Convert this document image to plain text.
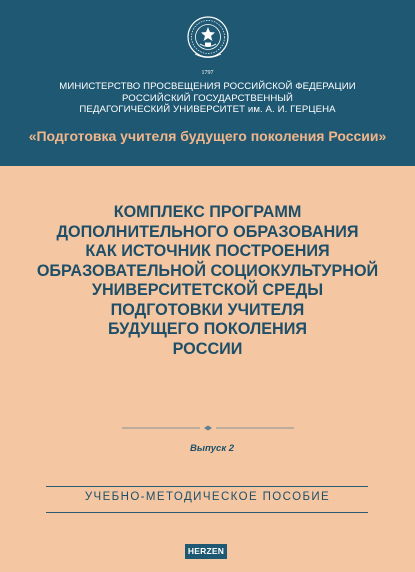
1797
МИНИСТЕРСТВО ПРОСВЕЩЕНИЯ РОССИЙСКОЙ ФЕДЕРАЦИИ
РОССИЙСКИЙ ГОСУДАРСТВЕННЫЙ
ПЕДАГОГИЧЕСКИЙ УНИВЕРСИТЕТ им. А. И. ГЕРЦЕНА
«Подготовка учителя будущего поколения России»
КОМПЛЕКС ПРОГРАММ
ДОПОЛНИТЕЛЬНОГО ОБРАЗОВАНИЯ
КАК ИСТОЧНИК ПОСТРОЕНИЯ
ОБРАЗОВАТЕЛЬНОЙ СОЦИОКУЛЬТУРНОЙ
УНИВЕРСИТЕТСКОЙ СРЕДЫ
ПОДГОТОВКИ УЧИТЕЛЯ
БУДУЩЕГО ПОКОЛЕНИЯ
РОССИИ
Выпуск 2
УЧЕБНО-МЕТОДИЧЕСКОЕ ПОСОБИЕ
HERZEN
